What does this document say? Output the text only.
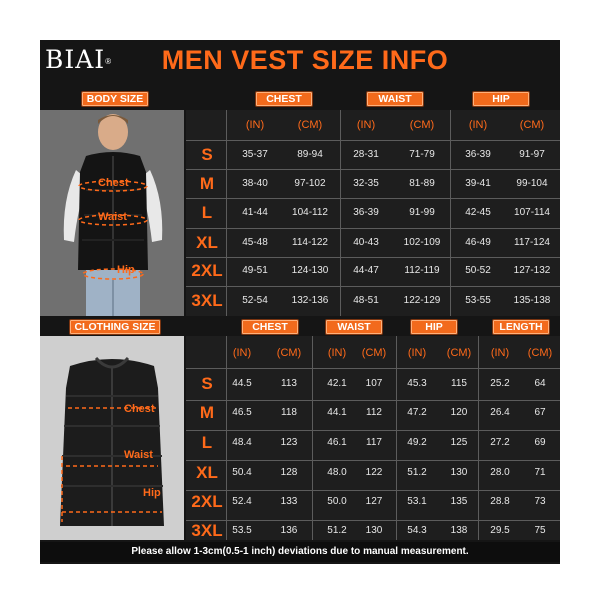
BIAI®	MEN VEST SIZE INFO
BODY SIZE	CHEST	WAIST	HIP
Chest
Waist
Hip
(IN)	(CM)	(IN)	(CM)	(IN)	(CM)
S	35-37	89-94	28-31	71-79	36-39	91-97
M	38-40	97-102	32-35	81-89	39-41	99-104
L	41-44	104-112	36-39	91-99	42-45	107-114
XL	45-48	114-122	40-43	102-109	46-49	117-124
2XL	49-51	124-130	44-47	112-119	50-52	127-132
3XL	52-54	132-136	48-51	122-129	53-55	135-138
CLOTHING SIZE	CHEST	WAIST	HIP	LENGTH
Chest
Waist
Hip
(IN)	(CM)	(IN)	(CM)	(IN)	(CM)	(IN)	(CM)
S	44.5	113	42.1	107	45.3	115	25.2	64
M	46.5	118	44.1	112	47.2	120	26.4	67
L	48.4	123	46.1	117	49.2	125	27.2	69
XL	50.4	128	48.0	122	51.2	130	28.0	71
2XL 52.4	133	50.0	127	53.1	135	28.8	73
3XL 53.5	136	51.2	130	54.3	138	29.5	75
Please allow 1-3cm(0.5-1 inch) deviations due to manual measurement.
